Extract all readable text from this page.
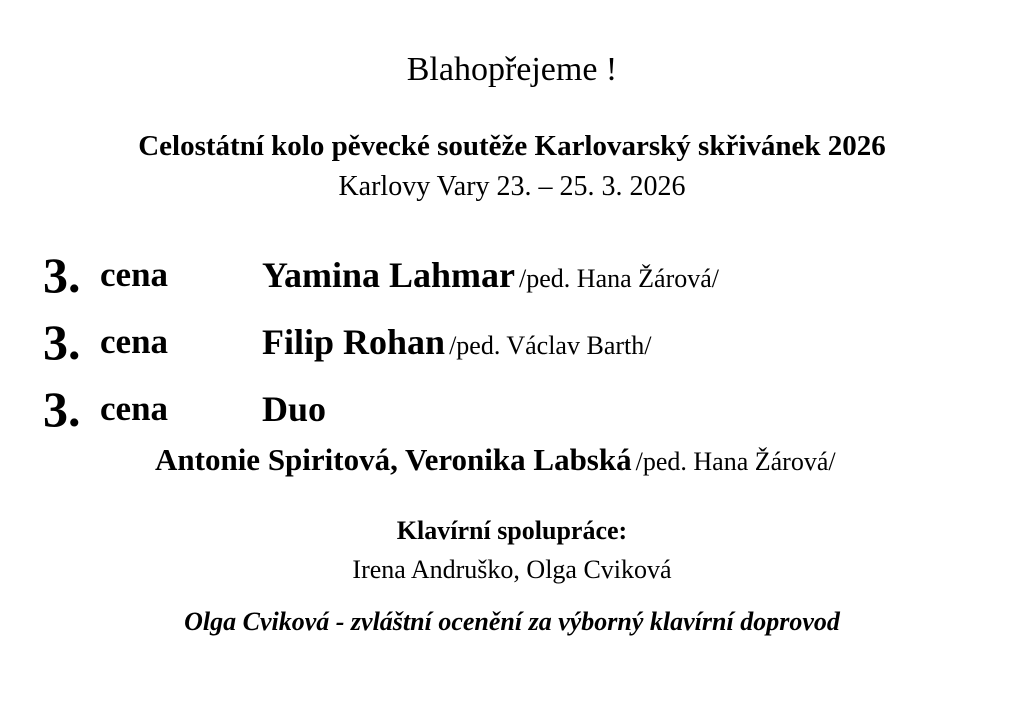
Blahopřejeme !
Celostátní kolo pěvecké soutěže Karlovarský skřivánek 2026
Karlovy Vary 23. – 25. 3. 2026
3. cena	Yamina Lahmar /ped. Hana Žárová/
3. cena	Filip Rohan /ped. Václav Barth/
3. cena	Duo
Antonie Spiritová, Veronika Labská /ped. Hana Žárová/
Klavírní spolupráce:
Irena Andruško, Olga Cviková
Olga Cviková - zvláštní ocenění za výborný klavírní doprovod
